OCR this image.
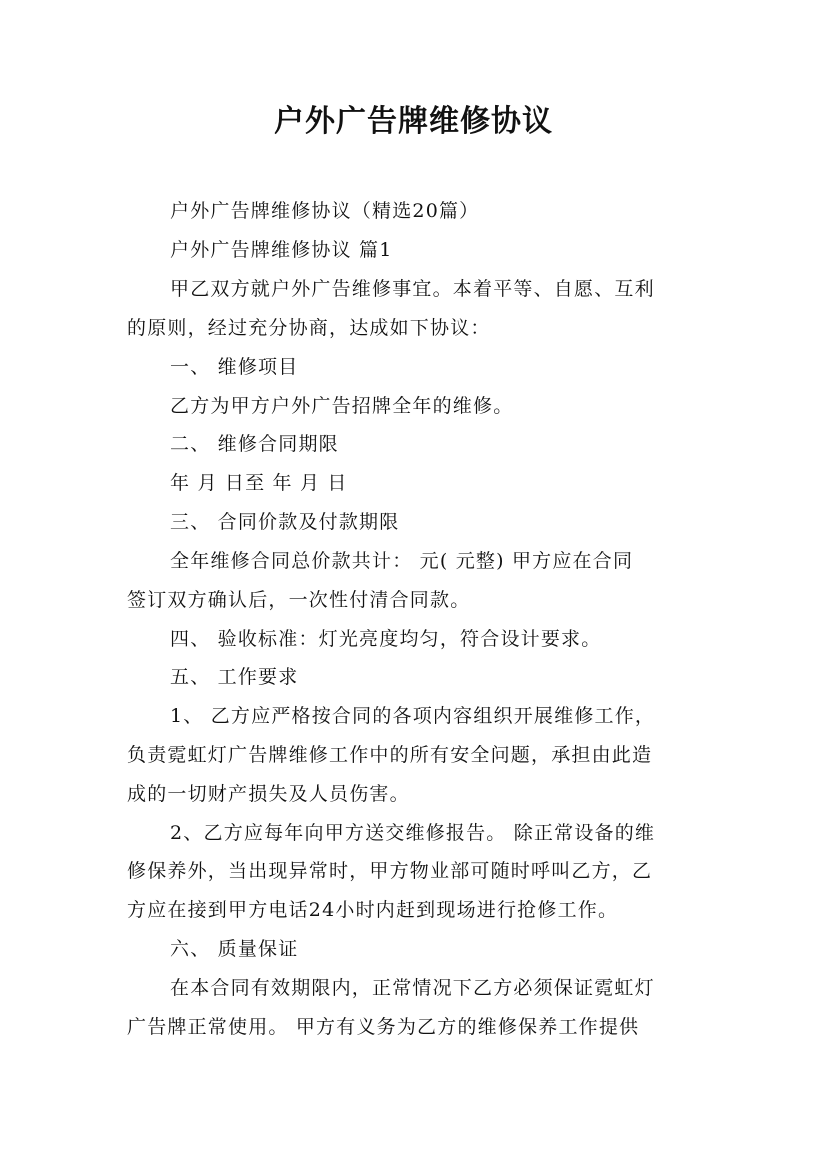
户外广告牌维修协议
户外广告牌维修协议（精选20篇）
户外广告牌维修协议 篇1
甲乙双方就户外广告维修事宜。本着平等、自愿、互利
的原则，经过充分协商，达成如下协议：
一、 维修项目
乙方为甲方户外广告招牌全年的维修。
二、 维修合同期限
年 月 日至 年 月 日
三、 合同价款及付款期限
全年维修合同总价款共计： 元( 元整) 甲方应在合同
签订双方确认后，一次性付清合同款。
四、 验收标准：灯光亮度均匀，符合设计要求。
五、 工作要求
1、 乙方应严格按合同的各项内容组织开展维修工作，
负责霓虹灯广告牌维修工作中的所有安全问题，承担由此造
成的一切财产损失及人员伤害。
2、乙方应每年向甲方送交维修报告。 除正常设备的维
修保养外，当出现异常时，甲方物业部可随时呼叫乙方，乙
方应在接到甲方电话24小时内赶到现场进行抢修工作。
六、 质量保证
在本合同有效期限内，正常情况下乙方必须保证霓虹灯
广告牌正常使用。 甲方有义务为乙方的维修保养工作提供
